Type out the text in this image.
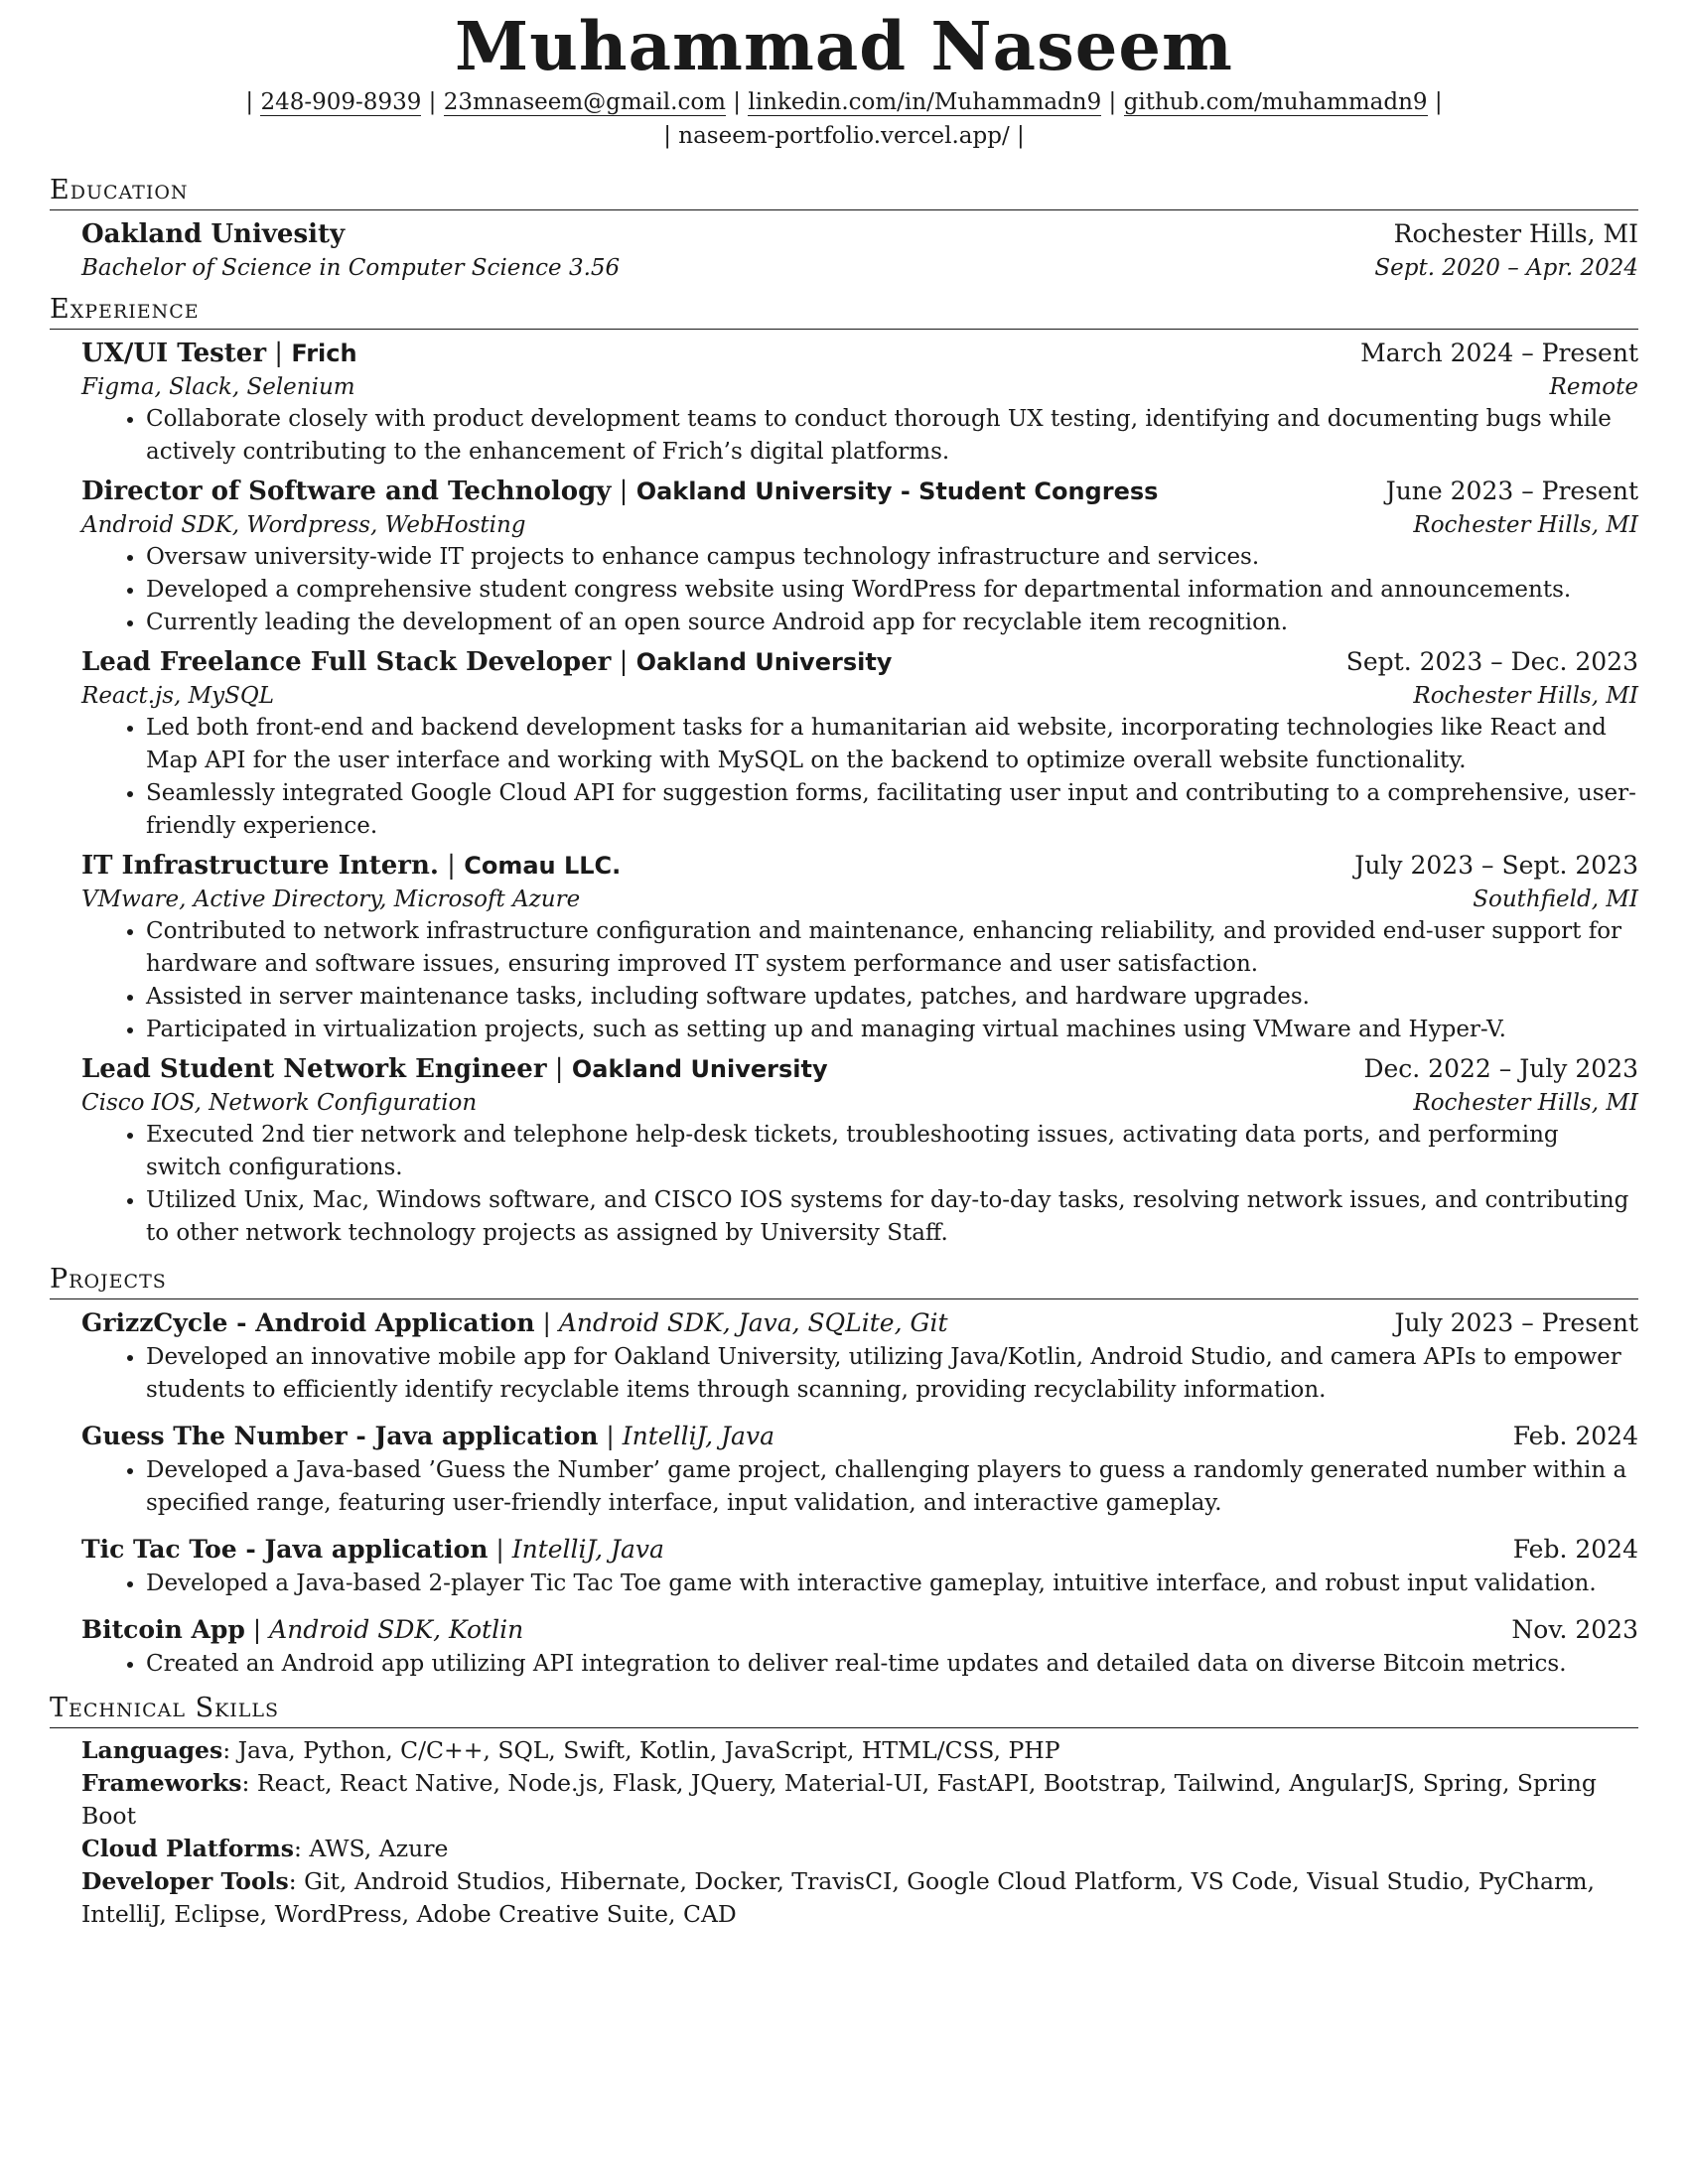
Muhammad Naseem
| 248-909-8939 | 23mnaseem@gmail.com | linkedin.com/in/Muhammadn9 | github.com/muhammadn9 |
| naseem-portfolio.vercel.app/ |
Education
Oakland Univesity	Rochester Hills, MI
Bachelor of Science in Computer Science 3.56	Sept. 2020 – Apr. 2024
Experience
UX/UI Tester | Frich	March 2024 – Present
Figma, Slack, Selenium	Remote
• Collaborate closely with product development teams to conduct thorough UX testing, identifying and documenting bugs while actively contributing to the enhancement of Frich’s digital platforms.
Director of Software and Technology | Oakland University - Student Congress	June 2023 – Present
Android SDK, Wordpress, WebHosting	Rochester Hills, MI
• Oversaw university-wide IT projects to enhance campus technology infrastructure and services.
• Developed a comprehensive student congress website using WordPress for departmental information and announcements.
• Currently leading the development of an open source Android app for recyclable item recognition.
Lead Freelance Full Stack Developer | Oakland University	Sept. 2023 – Dec. 2023
React.js, MySQL	Rochester Hills, MI
• Led both front-end and backend development tasks for a humanitarian aid website, incorporating technologies like React and Map API for the user interface and working with MySQL on the backend to optimize overall website functionality.
• Seamlessly integrated Google Cloud API for suggestion forms, facilitating user input and contributing to a comprehensive, user-friendly experience.
IT Infrastructure Intern. | Comau LLC.	July 2023 – Sept. 2023
VMware, Active Directory, Microsoft Azure	Southfield, MI
• Contributed to network infrastructure configuration and maintenance, enhancing reliability, and provided end-user support for hardware and software issues, ensuring improved IT system performance and user satisfaction.
• Assisted in server maintenance tasks, including software updates, patches, and hardware upgrades.
• Participated in virtualization projects, such as setting up and managing virtual machines using VMware and Hyper-V.
Lead Student Network Engineer | Oakland University	Dec. 2022 – July 2023
Cisco IOS, Network Configuration	Rochester Hills, MI
• Executed 2nd tier network and telephone help-desk tickets, troubleshooting issues, activating data ports, and performing switch configurations.
• Utilized Unix, Mac, Windows software, and CISCO IOS systems for day-to-day tasks, resolving network issues, and contributing to other network technology projects as assigned by University Staff.
Projects
GrizzCycle - Android Application | Android SDK, Java, SQLite, Git	July 2023 – Present
• Developed an innovative mobile app for Oakland University, utilizing Java/Kotlin, Android Studio, and camera APIs to empower students to efficiently identify recyclable items through scanning, providing recyclability information.
Guess The Number - Java application | IntelliJ, Java	Feb. 2024
• Developed a Java-based ’Guess the Number’ game project, challenging players to guess a randomly generated number within a specified range, featuring user-friendly interface, input validation, and interactive gameplay.
Tic Tac Toe - Java application | IntelliJ, Java	Feb. 2024
• Developed a Java-based 2-player Tic Tac Toe game with interactive gameplay, intuitive interface, and robust input validation.
Bitcoin App | Android SDK, Kotlin	Nov. 2023
• Created an Android app utilizing API integration to deliver real-time updates and detailed data on diverse Bitcoin metrics.
Technical Skills
Languages: Java, Python, C/C++, SQL, Swift, Kotlin, JavaScript, HTML/CSS, PHP
Frameworks: React, React Native, Node.js, Flask, JQuery, Material-UI, FastAPI, Bootstrap, Tailwind, AngularJS, Spring, Spring Boot
Cloud Platforms: AWS, Azure
Developer Tools: Git, Android Studios, Hibernate, Docker, TravisCI, Google Cloud Platform, VS Code, Visual Studio, PyCharm, IntelliJ, Eclipse, WordPress, Adobe Creative Suite, CAD
